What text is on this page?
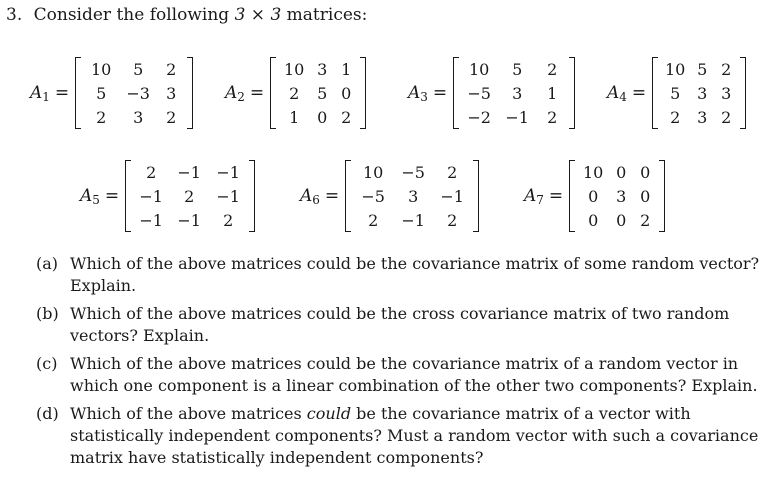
3. Consider the following 3 × 3 matrices:
$A_1$ =
10	5	2
5	−3	3
2	3	2
$A_2$ =
10 3 1
2	5 0
1	0 2
$A_3$ =
10	5	2
−5	3	1
−2 −1	2
$A_4$ =
10 5 2
5	3 3
2	3 2
$A_5$ =
2	−1 −1
−1	2	−1
−1 −1	2
$A_6$ =
10	−5	2
−5	3	−1
2	−1	2
$A_7$ =
10 0 0
0	3 0
0	0 2
(a) Which of the above matrices could be the covariance matrix of some random vector? Explain.
(b) Which of the above matrices could be the cross covariance matrix of two random vectors? Explain.
(c) Which of the above matrices could be the covariance matrix of a random vector in which one component is a linear combination of the other two components? Explain.
(d) Which of the above matrices could be the covariance matrix of a vector with statistically independent components? Must a random vector with such a covariance matrix have statistically independent components?
